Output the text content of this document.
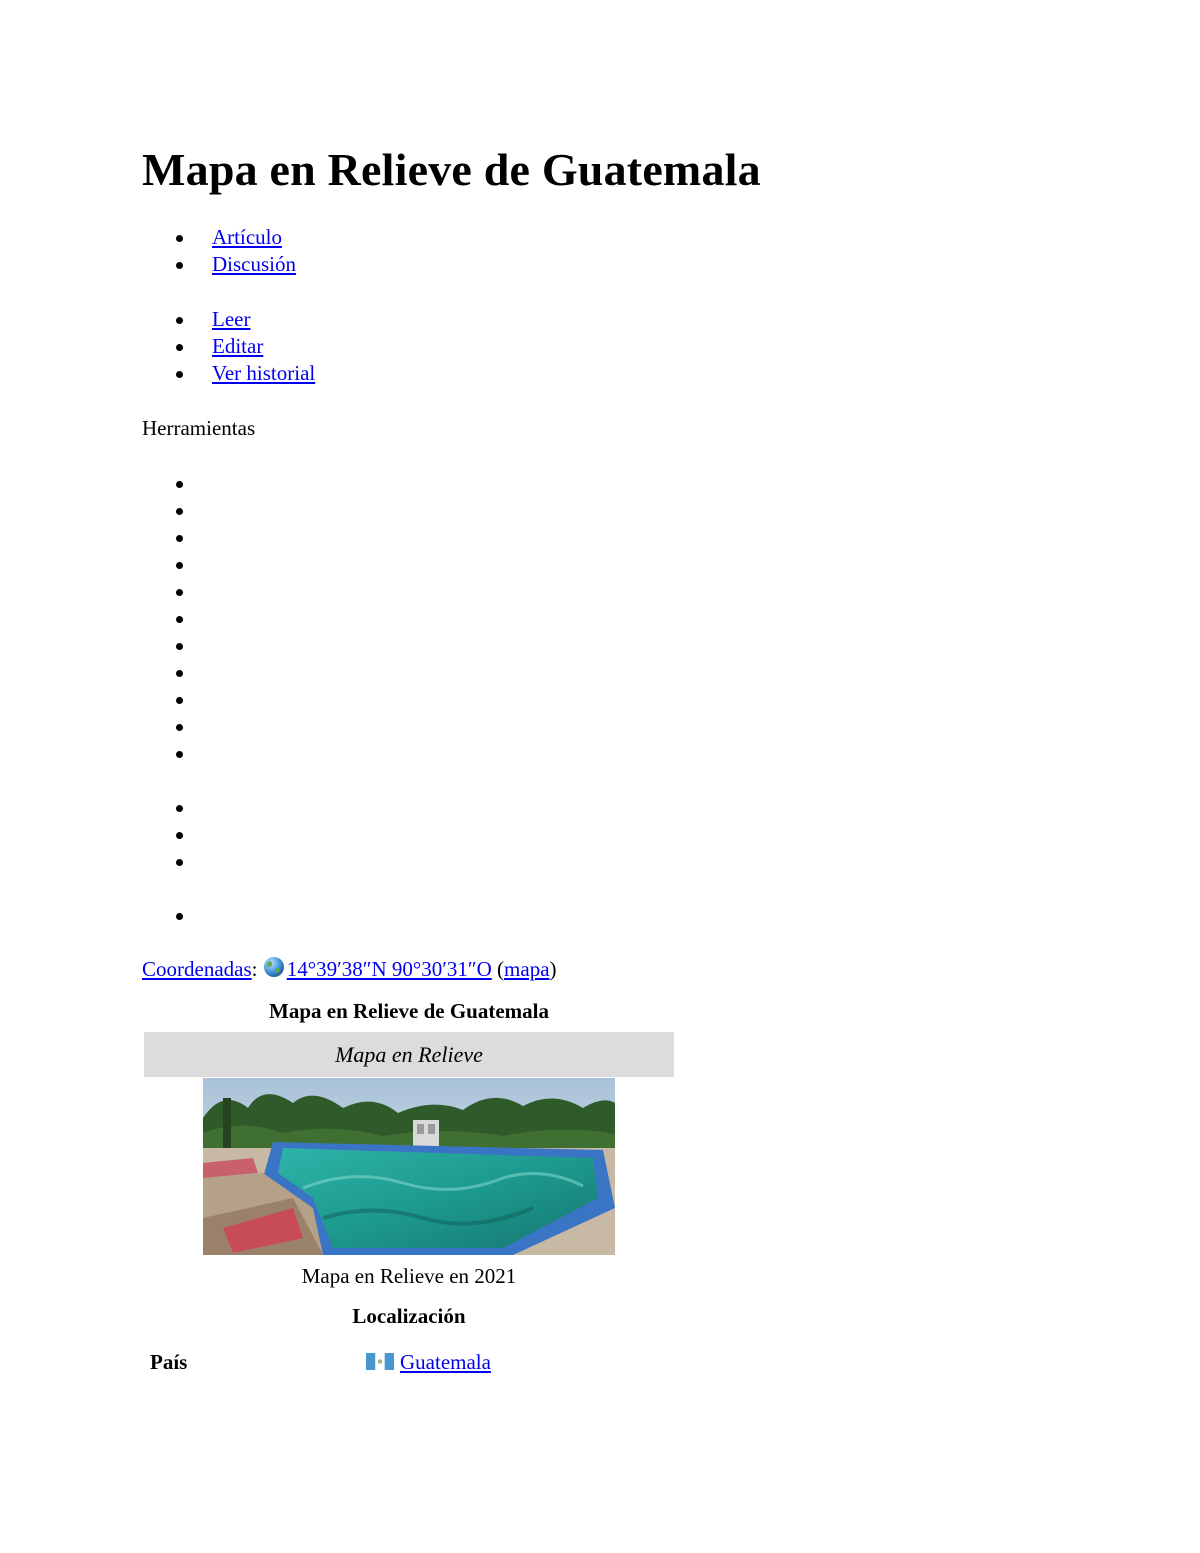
Mapa en Relieve de Guatemala
Artículo
Discusión
Leer
Editar
Ver historial
Herramientas
Coordenadas: 14°39′38″N 90°30′31″O (mapa)
Mapa en Relieve de Guatemala
Mapa en Relieve
Mapa en Relieve en 2021
Localización
País	Guatemala
